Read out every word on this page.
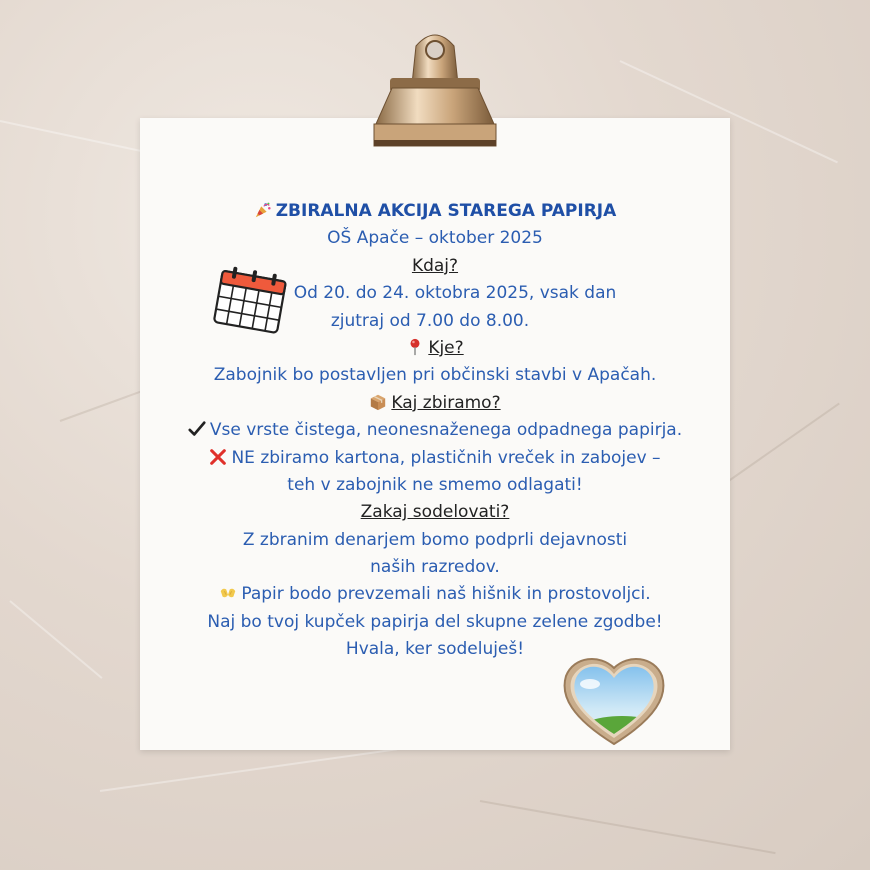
ZBIRALNA AKCIJA STAREGA PAPIRJA
OŠ Apače – oktober 2025
Kdaj?
Od 20. do 24. oktobra 2025, vsak dan
zjutraj od 7.00 do 8.00.
Kje?
Zabojnik bo postavljen pri občinski stavbi v Apačah.
Kaj zbiramo?
Vse vrste čistega, neonesnaženega odpadnega papirja.
NE zbiramo kartona, plastičnih vreček in zabojev –
teh v zabojnik ne smemo odlagati!
Zakaj sodelovati?
Z zbranim denarjem bomo podprli dejavnosti
naših razredov.
Papir bodo prevzemali naš hišnik in prostovoljci.
Naj bo tvoj kupček papirja del skupne zelene zgodbe!
Hvala, ker sodeluješ!
